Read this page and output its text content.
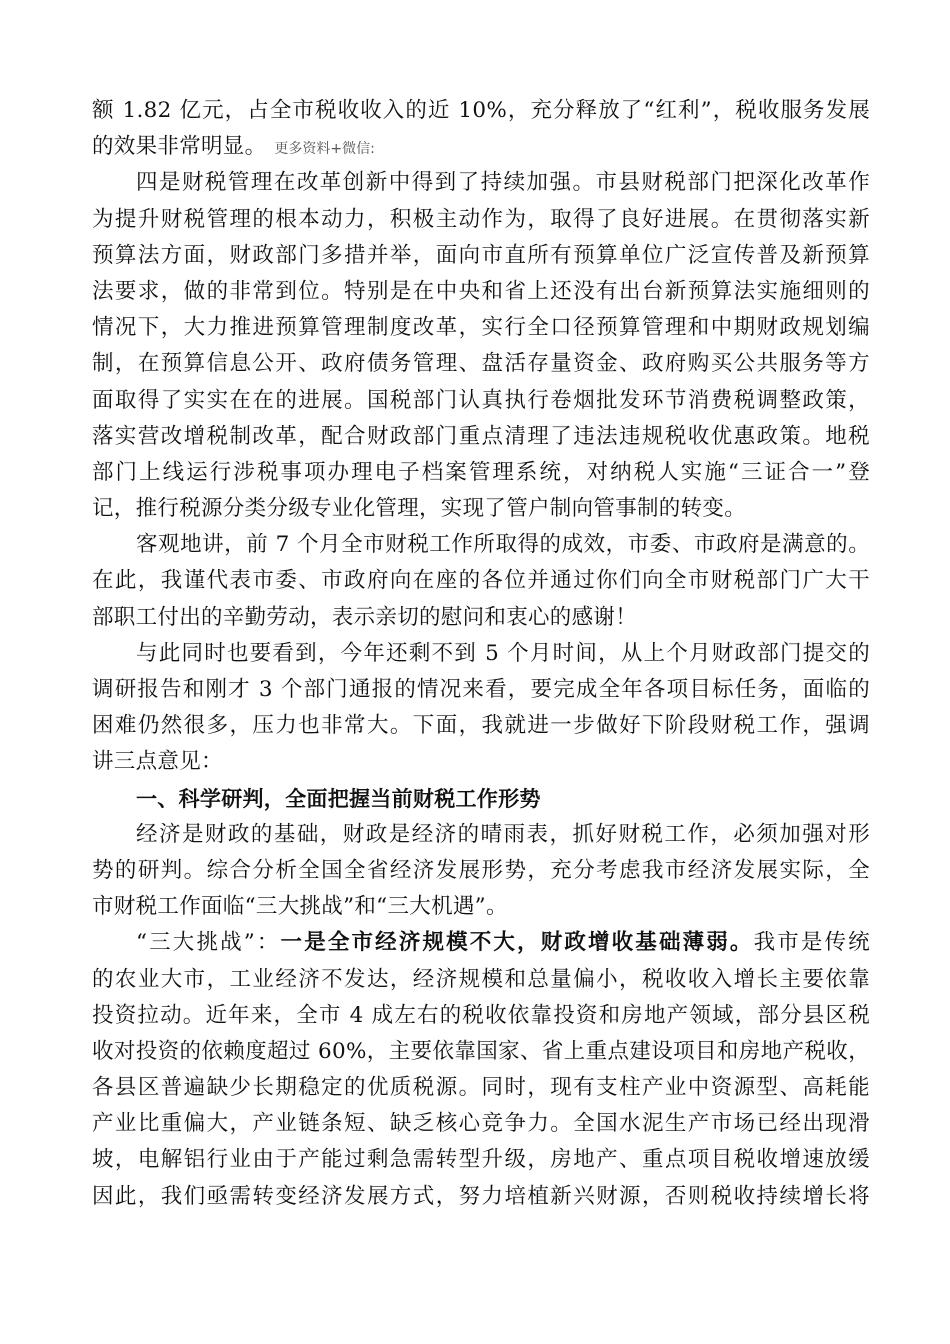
额 1.82 亿元，占全市税收收入的近 10%，充分释放了“红利”，税收服务发展
的效果非常明显。 更多资料+微信:
四是财税管理在改革创新中得到了持续加强。市县财税部门把深化改革作
为提升财税管理的根本动力，积极主动作为，取得了良好进展。在贯彻落实新
预算法方面，财政部门多措并举，面向市直所有预算单位广泛宣传普及新预算
法要求，做的非常到位。特别是在中央和省上还没有出台新预算法实施细则的
情况下，大力推进预算管理制度改革，实行全口径预算管理和中期财政规划编
制，在预算信息公开、政府债务管理、盘活存量资金、政府购买公共服务等方
面取得了实实在在的进展。国税部门认真执行卷烟批发环节消费税调整政策，
落实营改增税制改革，配合财政部门重点清理了违法违规税收优惠政策。地税
部门上线运行涉税事项办理电子档案管理系统，对纳税人实施“三证合一”登
记，推行税源分类分级专业化管理，实现了管户制向管事制的转变。
客观地讲，前 7 个月全市财税工作所取得的成效，市委、市政府是满意的。
在此，我谨代表市委、市政府向在座的各位并通过你们向全市财税部门广大干
部职工付出的辛勤劳动，表示亲切的慰问和衷心的感谢！
与此同时也要看到，今年还剩不到 5 个月时间，从上个月财政部门提交的
调研报告和刚才 3 个部门通报的情况来看，要完成全年各项目标任务，面临的
困难仍然很多，压力也非常大。下面，我就进一步做好下阶段财税工作，强调
讲三点意见：
一、科学研判，全面把握当前财税工作形势
经济是财政的基础，财政是经济的晴雨表，抓好财税工作，必须加强对形
势的研判。综合分析全国全省经济发展形势，充分考虑我市经济发展实际，全
市财税工作面临“三大挑战”和“三大机遇”。
“三大挑战”：一是全市经济规模不大，财政增收基础薄弱。我市是传统
的农业大市，工业经济不发达，经济规模和总量偏小，税收收入增长主要依靠
投资拉动。近年来，全市 4 成左右的税收依靠投资和房地产领域，部分县区税
收对投资的依赖度超过 60%，主要依靠国家、省上重点建设项目和房地产税收，
各县区普遍缺少长期稳定的优质税源。同时，现有支柱产业中资源型、高耗能
产业比重偏大，产业链条短、缺乏核心竞争力。全国水泥生产市场已经出现滑
坡，电解铝行业由于产能过剩急需转型升级，房地产、重点项目税收增速放缓
因此，我们亟需转变经济发展方式，努力培植新兴财源，否则税收持续增长将
